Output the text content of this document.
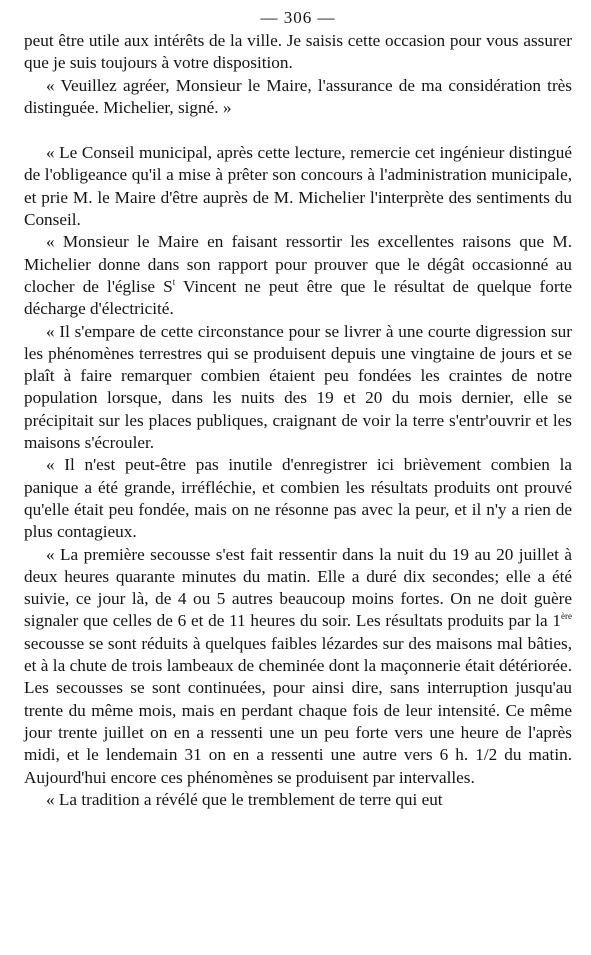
— 306 —

peut être utile aux intérêts de la ville. Je saisis cette occasion pour vous assurer que je suis toujours à votre disposition.

« Veuillez agréer, Monsieur le Maire, l'assurance de ma considération très distinguée. Michelier, signé. »

« Le Conseil municipal, après cette lecture, remercie cet ingénieur distingué de l'obligeance qu'il a mise à prêter son concours à l'administration municipale, et prie M. le Maire d'être auprès de M. Michelier l'interprète des sentiments du Conseil.

« Monsieur le Maire en faisant ressortir les excellentes raisons que M. Michelier donne dans son rapport pour prouver que le dégât occasionné au clocher de l'église $S^t$ Vincent ne peut être que le résultat de quelque forte décharge d'électricité.

« Il s'empare de cette circonstance pour se livrer à une courte digression sur les phénomènes terrestres qui se produisent depuis une vingtaine de jours et se plaît à faire remarquer combien étaient peu fondées les craintes de notre population lorsque, dans les nuits des 19 et 20 du mois dernier, elle se précipitait sur les places publiques, craignant de voir la terre s'entr'ouvrir et les maisons s'écrouler.

« Il n'est peut-être pas inutile d'enregistrer ici brièvement combien la panique a été grande, irréfléchie, et combien les résultats produits ont prouvé qu'elle était peu fondée, mais on ne résonne pas avec la peur, et il n'y a rien de plus contagieux.

« La première secousse s'est fait ressentir dans la nuit du 19 au 20 juillet à deux heures quarante minutes du matin. Elle a duré dix secondes; elle a été suivie, ce jour là, de 4 ou 5 autres beaucoup moins fortes. On ne doit guère signaler que celles de 6 et de 11 heures du soir. Les résultats produits par la 1ère secousse se sont réduits à quelques faibles lézardes sur des maisons mal bâties, et à la chute de trois lambeaux de cheminée dont la maçonnerie était détériorée. Les secousses se sont continuées, pour ainsi dire, sans interruption jusqu'au trente du même mois, mais en perdant chaque fois de leur intensité. Ce même jour trente juillet on en a ressenti une un peu forte vers une heure de l'après midi, et le lendemain 31 on en a ressenti une autre vers 6 h. 1/2 du matin. Aujourd'hui encore ces phénomènes se produisent par intervalles.

« La tradition a révélé que le tremblement de terre qui eut
